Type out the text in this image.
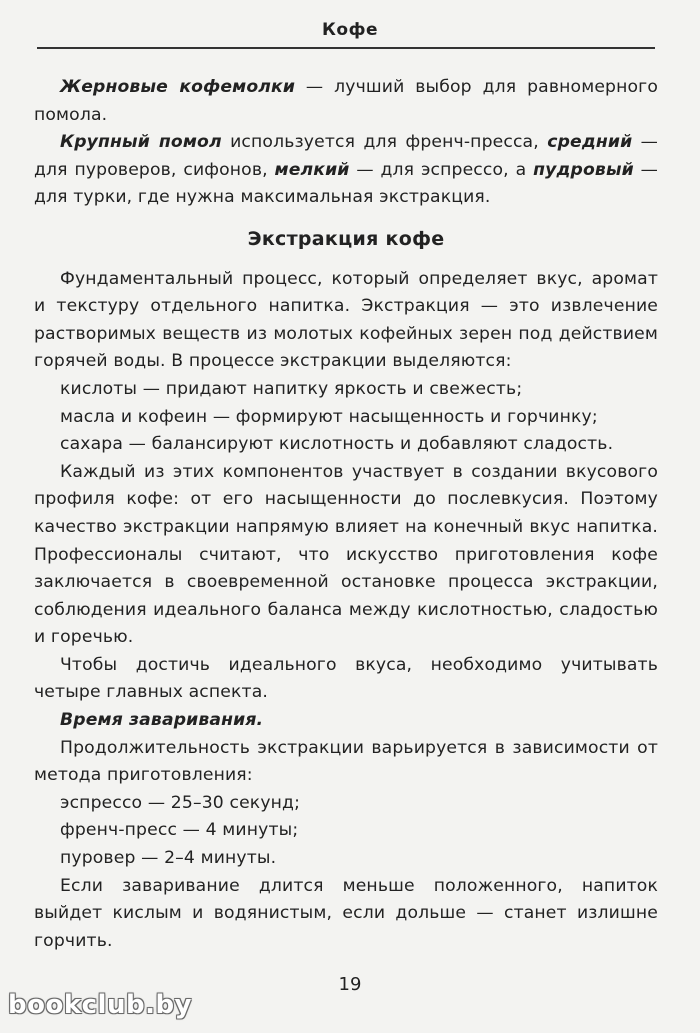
Кофе

Жерновые кофемолки — лучший выбор для равномерного помола.

Крупный помол используется для френч-пресса, средний — для пуроверов, сифонов, мелкий — для эспрессо, а пудровый — для турки, где нужна максимальная экстракция.

Экстракция кофе

Фундаментальный процесс, который определяет вкус, аромат и текстуру отдельного напитка. Экстракция — это извлечение растворимых веществ из молотых кофейных зерен под действием горячей воды. В процессе экстракции выделяются:

кислоты — придают напитку яркость и свежесть;

масла и кофеин — формируют насыщенность и горчинку;

сахара — балансируют кислотность и добавляют сладость.

Каждый из этих компонентов участвует в создании вкусового профиля кофе: от его насыщенности до послевкусия. Поэтому качество экстракции напрямую влияет на конечный вкус напитка. Профессионалы считают, что искусство приготовления кофе заключается в своевременной остановке процесса экстракции, соблюдения идеального баланса между кислотностью, сладостью и горечью.

Чтобы достичь идеального вкуса, необходимо учитывать четыре главных аспекта.

Время заваривания.

Продолжительность экстракции варьируется в зависимости от метода приготовления:

эспрессо — 25–30 секунд;

френч-пресс — 4 минуты;

пуровер — 2–4 минуты.

Если заваривание длится меньше положенного, напиток выйдет кислым и водянистым, если дольше — станет излишне горчить.

19
bookclub.by
